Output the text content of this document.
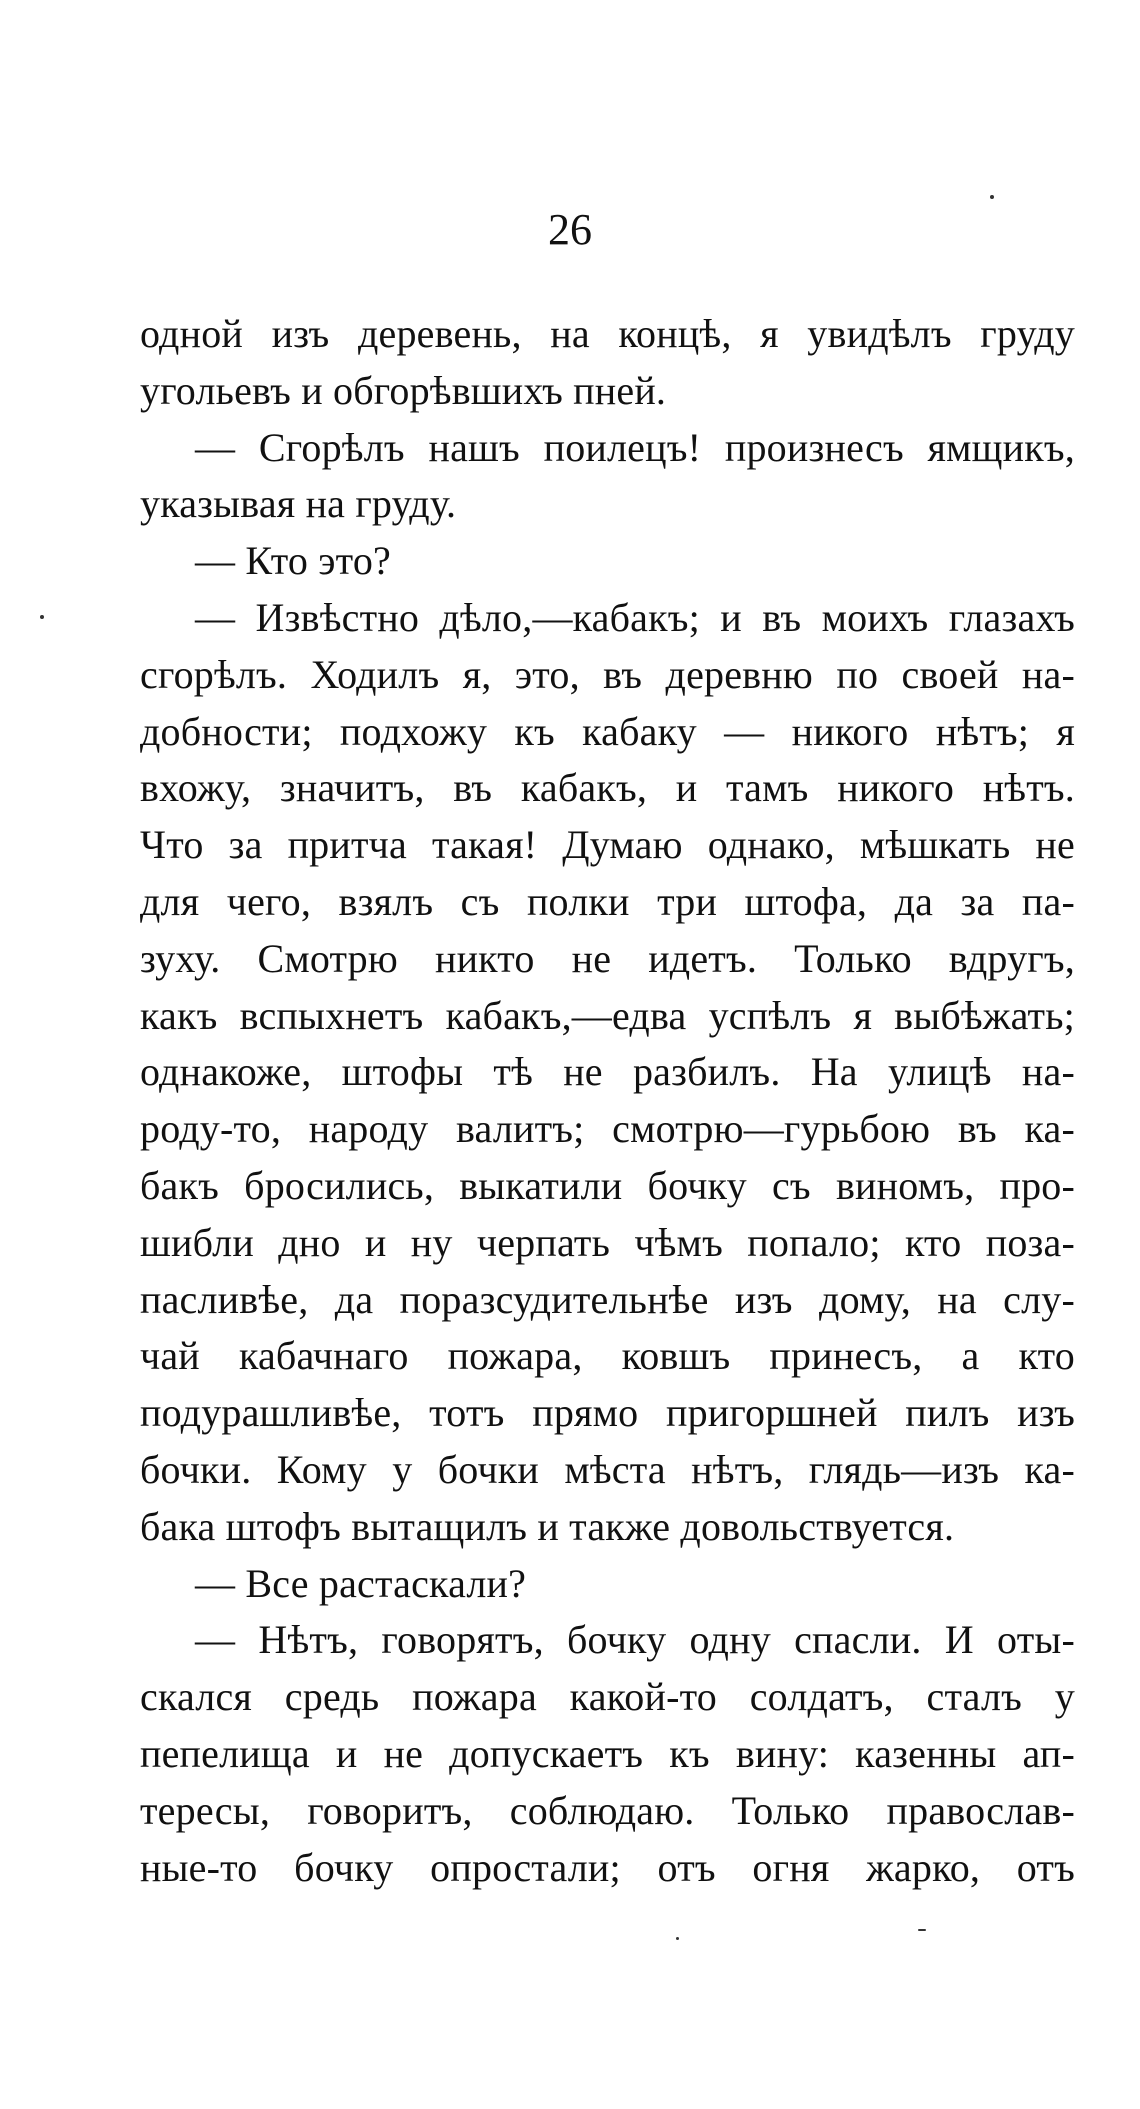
26
одной изъ деревень, на концѣ, я увидѣлъ груду
угольевъ и обгорѣвшихъ пней.
— Сгорѣлъ нашъ поилецъ! произнесъ ямщикъ,
указывая на груду.
— Кто это?
— Извѣстно дѣло,—кабакъ; и въ моихъ глазахъ
сгорѣлъ. Ходилъ я, это, въ деревню по своей на-
добности; подхожу къ кабаку — никого нѣтъ; я
вхожу, значитъ, въ кабакъ, и тамъ никого нѣтъ.
Что за притча такая! Думаю однако, мѣшкать не
для чего, взялъ съ полки три штофа, да за па-
зуху. Смотрю никто не идетъ. Только вдругъ,
какъ вспыхнетъ кабакъ,—едва успѣлъ я выбѣжать;
однакоже, штофы тѣ не разбилъ. На улицѣ на-
роду-то, народу валитъ; смотрю—гурьбою въ ка-
бакъ бросились, выкатили бочку съ виномъ, про-
шибли дно и ну черпать чѣмъ попало; кто поза-
пасливѣе, да поразсудительнѣе изъ дому, на слу-
чай кабачнаго пожара, ковшъ принесъ, а кто
подурашливѣе, тотъ прямо пригоршней пилъ изъ
бочки. Кому у бочки мѣста нѣтъ, глядь—изъ ка-
бака штофъ вытащилъ и также довольствуется.
— Все растаскали?
— Нѣтъ, говорятъ, бочку одну спасли. И оты-
скался средь пожара какой-то солдатъ, сталъ у
пепелища и не допускаетъ къ вину: казенны ап-
тересы, говоритъ, соблюдаю. Только православ-
ные-то бочку опростали; отъ огня жарко, отъ
